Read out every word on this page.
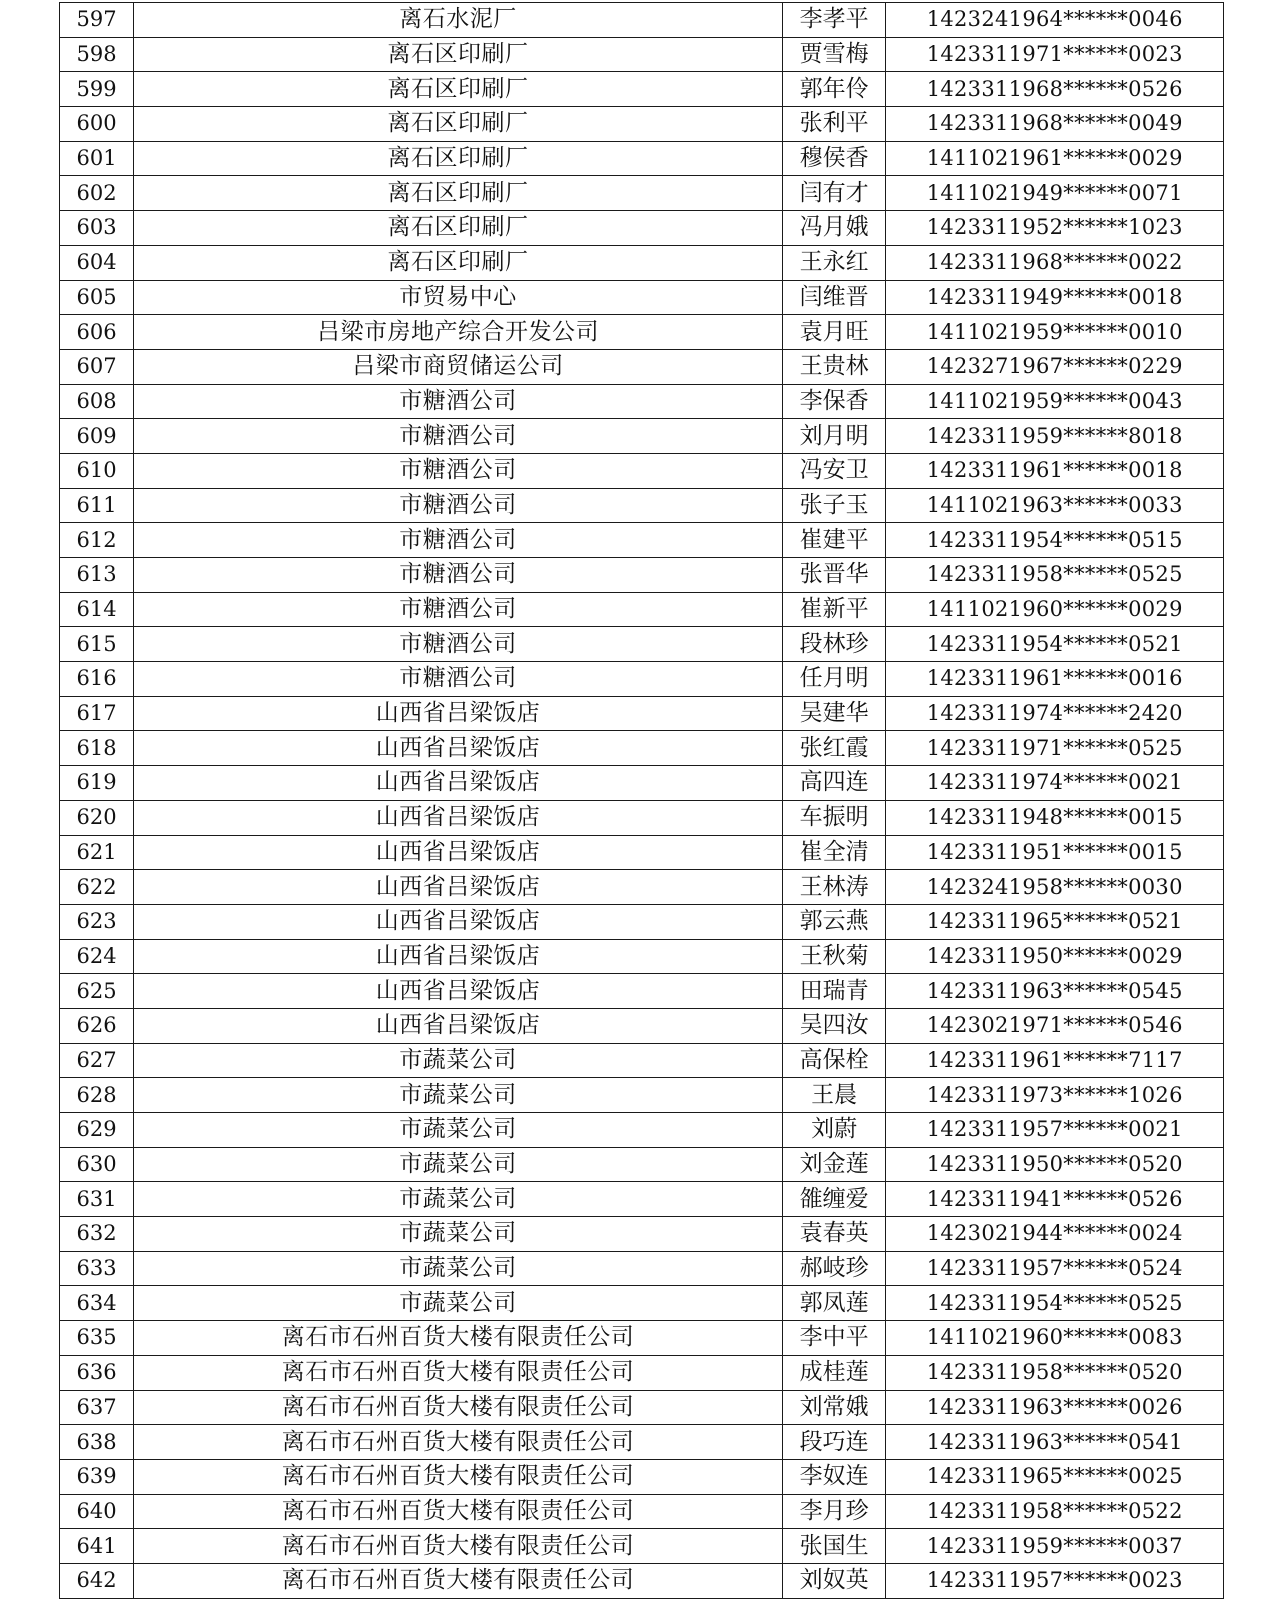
597	离石水泥厂	李孝平	1423241964******0046
598	离石区印刷厂	贾雪梅	1423311971******0023
599	离石区印刷厂	郭年伶	1423311968******0526
600	离石区印刷厂	张利平	1423311968******0049
601	离石区印刷厂	穆侯香	1411021961******0029
602	离石区印刷厂	闫有才	1411021949******0071
603	离石区印刷厂	冯月娥	1423311952******1023
604	离石区印刷厂	王永红	1423311968******0022
605	市贸易中心	闫维晋	1423311949******0018
606	吕梁市房地产综合开发公司	袁月旺	1411021959******0010
607	吕梁市商贸储运公司	王贵林	1423271967******0229
608	市糖酒公司	李保香	1411021959******0043
609	市糖酒公司	刘月明	1423311959******8018
610	市糖酒公司	冯安卫	1423311961******0018
611	市糖酒公司	张子玉	1411021963******0033
612	市糖酒公司	崔建平	1423311954******0515
613	市糖酒公司	张晋华	1423311958******0525
614	市糖酒公司	崔新平	1411021960******0029
615	市糖酒公司	段林珍	1423311954******0521
616	市糖酒公司	任月明	1423311961******0016
617	山西省吕梁饭店	吴建华	1423311974******2420
618	山西省吕梁饭店	张红霞	1423311971******0525
619	山西省吕梁饭店	高四连	1423311974******0021
620	山西省吕梁饭店	车振明	1423311948******0015
621	山西省吕梁饭店	崔全清	1423311951******0015
622	山西省吕梁饭店	王林涛	1423241958******0030
623	山西省吕梁饭店	郭云燕	1423311965******0521
624	山西省吕梁饭店	王秋菊	1423311950******0029
625	山西省吕梁饭店	田瑞青	1423311963******0545
626	山西省吕梁饭店	吴四汝	1423021971******0546
627	市蔬菜公司	高保栓	1423311961******7117
628	市蔬菜公司	王晨	1423311973******1026
629	市蔬菜公司	刘蔚	1423311957******0021
630	市蔬菜公司	刘金莲	1423311950******0520
631	市蔬菜公司	雒缠爱	1423311941******0526
632	市蔬菜公司	袁春英	1423021944******0024
633	市蔬菜公司	郝岐珍	1423311957******0524
634	市蔬菜公司	郭凤莲	1423311954******0525
635	离石市石州百货大楼有限责任公司	李中平	1411021960******0083
636	离石市石州百货大楼有限责任公司	成桂莲	1423311958******0520
637	离石市石州百货大楼有限责任公司	刘常娥	1423311963******0026
638	离石市石州百货大楼有限责任公司	段巧连	1423311963******0541
639	离石市石州百货大楼有限责任公司	李奴连	1423311965******0025
640	离石市石州百货大楼有限责任公司	李月珍	1423311958******0522
641	离石市石州百货大楼有限责任公司	张国生	1423311959******0037
642	离石市石州百货大楼有限责任公司	刘奴英	1423311957******0023
